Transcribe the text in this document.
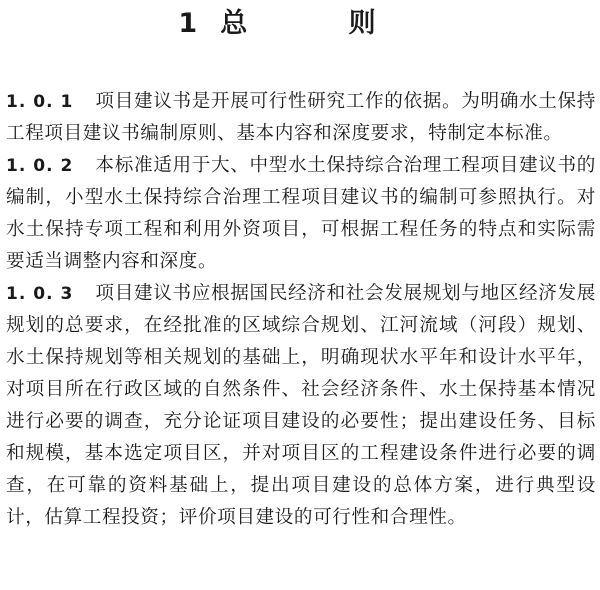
1 总 则

1. 0. 1 项目建议书是开展可行性研究工作的依据。为明确水土保持工程项目建议书编制原则、基本内容和深度要求，特制定本标准。

1. 0. 2 本标准适用于大、中型水土保持综合治理工程项目建议书的编制，小型水土保持综合治理工程项目建议书的编制可参照执行。对水土保持专项工程和利用外资项目，可根据工程任务的特点和实际需要适当调整内容和深度。

1. 0. 3 项目建议书应根据国民经济和社会发展规划与地区经济发展规划的总要求，在经批准的区域综合规划、江河流域（河段）规划、水土保持规划等相关规划的基础上，明确现状水平年和设计水平年，对项目所在行政区域的自然条件、社会经济条件、水土保持基本情况进行必要的调查，充分论证项目建设的必要性；提出建设任务、目标和规模，基本选定项目区，并对项目区的工程建设条件进行必要的调查，在可靠的资料基础上，提出项目建设的总体方案，进行典型设计，估算工程投资；评价项目建设的可行性和合理性。
